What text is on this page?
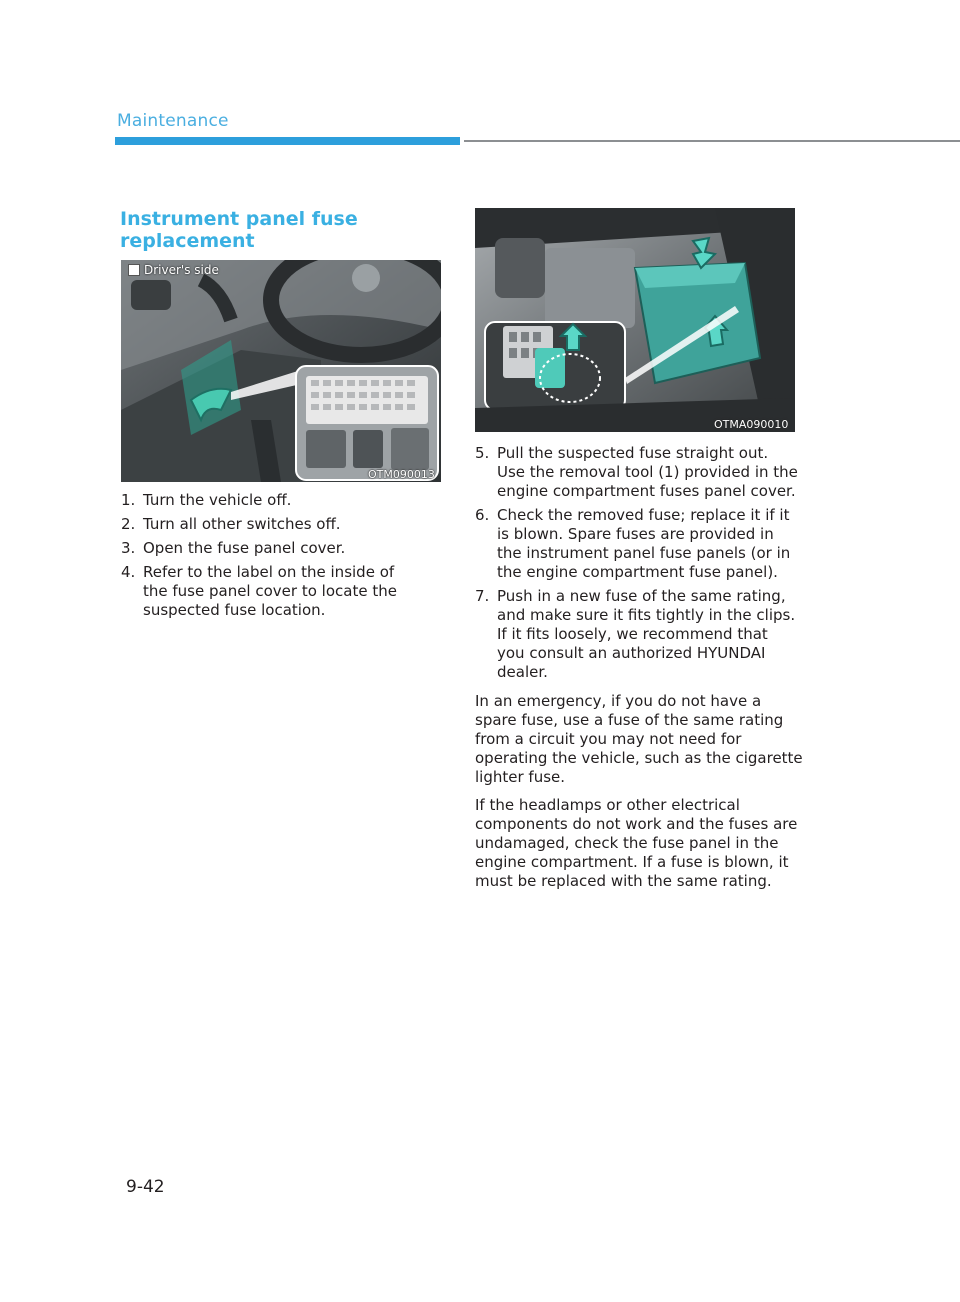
Maintenance
Instrument panel fuse replacement
Driver's side
OTM090013
OTMA090010
1. Turn the vehicle off.
2. Turn all other switches off.
3. Open the fuse panel cover.
4. Refer to the label on the inside of the fuse panel cover to locate the suspected fuse location.
5. Pull the suspected fuse straight out. Use the removal tool (1) provided in the engine compartment fuses panel cover.
6. Check the removed fuse; replace it if it is blown. Spare fuses are provided in the instrument panel fuse panels (or in the engine compartment fuse panel).
7. Push in a new fuse of the same rating, and make sure it fits tightly in the clips. If it fits loosely, we recommend that you consult an authorized HYUNDAI dealer.

In an emergency, if you do not have a spare fuse, use a fuse of the same rating from a circuit you may not need for operating the vehicle, such as the cigarette lighter fuse.

If the headlamps or other electrical components do not work and the fuses are undamaged, check the fuse panel in the engine compartment. If a fuse is blown, it must be replaced with the same rating.

9-42
